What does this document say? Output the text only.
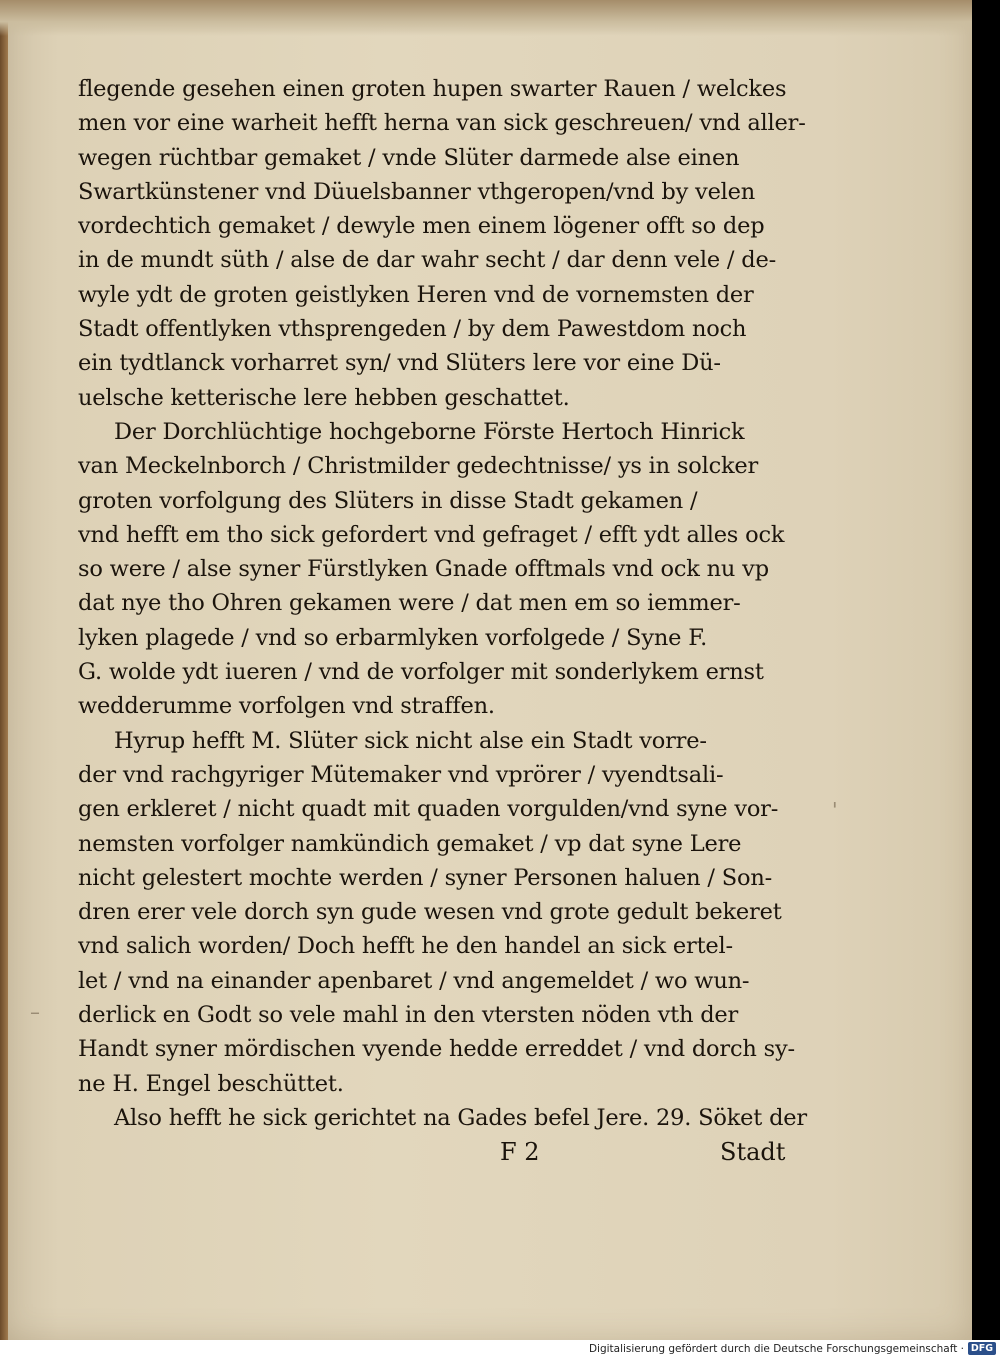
flegende gesehen einen groten hupen swarter Rauen / welckes
men vor eine warheit hefft herna van sick geschreuen/ vnd aller-
wegen rüchtbar gemaket / vnde Slüter darmede alse einen
Swartkünstener vnd Düuelsbanner vthgeropen/vnd by velen
vordechtich gemaket / dewyle men einem lögener offt so dep
in de mundt süth / alse de dar wahr secht / dar denn vele / de-
wyle ydt de groten geistlyken Heren vnd de vornemsten der
Stadt offentlyken vthsprengeden / by dem Pawestdom noch
ein tydtlanck vorharret syn/ vnd Slüters lere vor eine Dü-
uelsche ketterische lere hebben geschattet.
Der Dorchlüchtige hochgeborne Förste Hertoch Hinrick
van Meckelnborch / Christmilder gedechtnisse/ ys in solcker
groten vorfolgung des Slüters in disse Stadt gekamen /
vnd hefft em tho sick gefordert vnd gefraget / efft ydt alles ock
so were / alse syner Fürstlyken Gnade offtmals vnd ock nu vp
dat nye tho Ohren gekamen were / dat men em so iemmer-
lyken plagede / vnd so erbarmlyken vorfolgede / Syne F.
G. wolde ydt iueren / vnd de vorfolger mit sonderlykem ernst
wedderumme vorfolgen vnd straffen.
Hyrup hefft M. Slüter sick nicht alse ein Stadt vorre-
der vnd rachgyriger Mütemaker vnd vprörer / vyendtsali-
gen erkleret / nicht quadt mit quaden vorgulden/vnd syne vor-
nemsten vorfolger namkündich gemaket / vp dat syne Lere
nicht gelestert mochte werden / syner Personen haluen / Son-
dren erer vele dorch syn gude wesen vnd grote gedult bekeret
vnd salich worden/ Doch hefft he den handel an sick ertel-
let / vnd na einander apenbaret / vnd angemeldet / wo wun-
derlick en Godt so vele mahl in den vtersten nöden vth der
Handt syner mördischen vyende hedde erreddet / vnd dorch sy-
ne H. Engel beschüttet.
Also hefft he sick gerichtet na Gades befel Jere. 29. Söket der
F 2	Stadt
'
–
Digitalisierung gefördert durch die Deutsche Forschungsgemeinschaft · DFG
